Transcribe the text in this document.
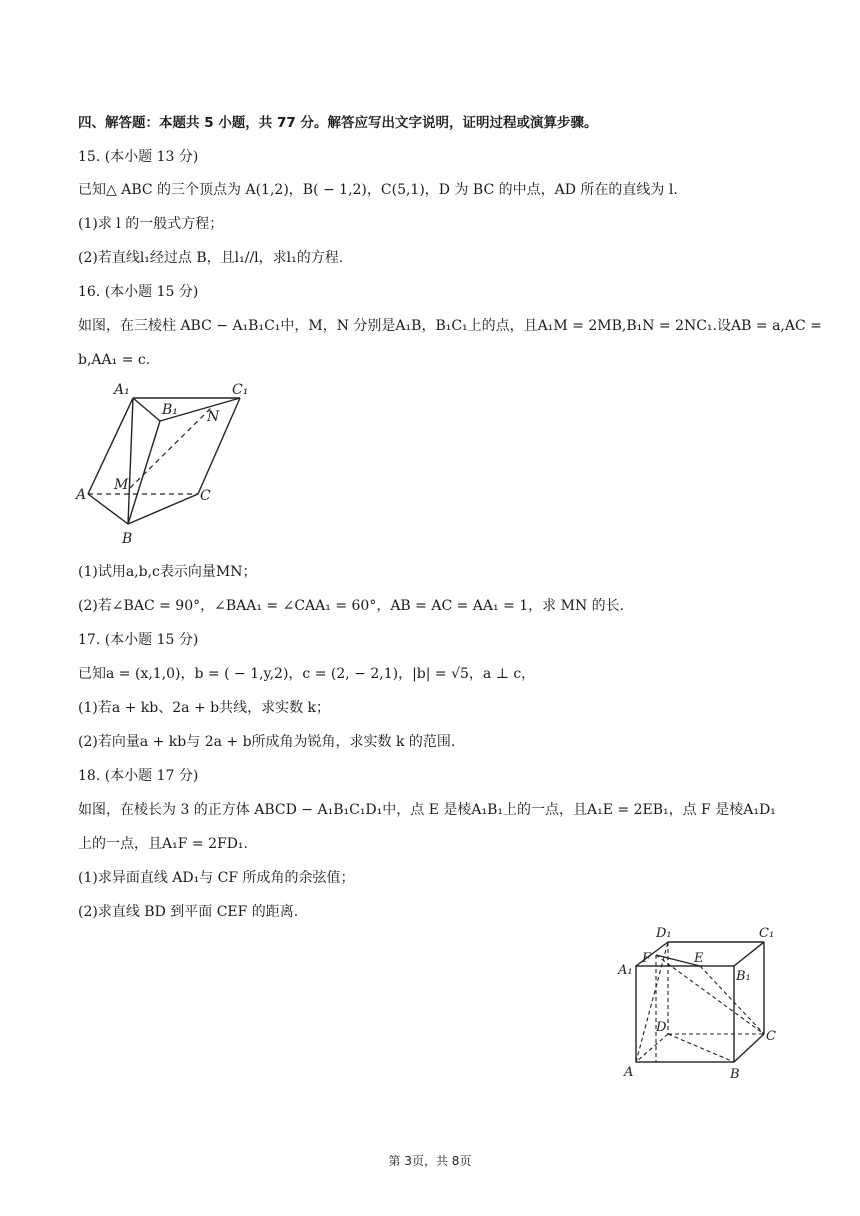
四、解答题：本题共 5 小题，共 77 分。解答应写出文字说明，证明过程或演算步骤。
15. (本小题 13 分)
已知△ ABC 的三个顶点为 A(1,2)，B( − 1,2)，C(5,1)，D 为 BC 的中点，AD 所在的直线为 l.
(1)求 l 的一般式方程；
(2)若直线l₁经过点 B，且l₁//l，求l₁的方程.
16. (本小题 15 分)
如图，在三棱柱 ABC − A₁B₁C₁中，M，N 分别是A₁B，B₁C₁上的点，且A₁M = 2MB,B₁N = 2NC₁.设AB = a,AC =
b,AA₁ = c.
A₁	C₁
B₁ N
M
A	C
B
(1)试用a,b,c表示向量MN；
(2)若∠BAC = 90°，∠BAA₁ = ∠CAA₁ = 60°，AB = AC = AA₁ = 1，求 MN 的长.
17. (本小题 15 分)
已知a = (x,1,0)，b = ( − 1,y,2)，c = (2, − 2,1)，|b| = √5，a ⊥ c，
(1)若a + kb、2a + b共线，求实数 k；
(2)若向量a + kb与 2a + b所成角为锐角，求实数 k 的范围.
18. (本小题 17 分)
如图，在棱长为 3 的正方体 ABCD − A₁B₁C₁D₁中，点 E 是棱A₁B₁上的一点，且A₁E = 2EB₁，点 F 是棱A₁D₁
上的一点，且A₁F = 2FD₁.
(1)求异面直线 AD₁与 CF 所成角的余弦值；
(2)求直线 BD 到平面 CEF 的距离.
D₁	C₁
A₁
F	E
B₁
D
C
A	B
第 3页，共 8页
